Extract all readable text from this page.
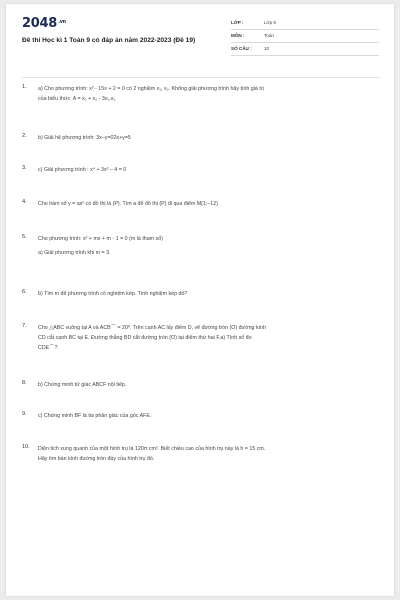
$2048^{.vn}$
Đề thi Học kì 1 Toán 9 có đáp án năm 2022-2023 (Đề 19)
LỚP :	Lớp 9
MÔN :	Toán
SỐ CÂU :	10
1. a) Cho phương trình: x² - 15x + 2 = 0 có 2 nghiệm x₁, x₂. Không giải phương trình hãy tính giá trị
của biểu thức: A = x₁ + x₂ - 3x₁.x₂
2. b) Giải hệ phương trình: 3x–y=02x+y=5
3. c) Giải phương trình : x⁴ + 3x² – 4 = 0
4. Cho hàm số y = ax² có đồ thị là (P). Tìm a để đồ thị (P) đi qua điểm M(1;–12)
5. Cho phương trình: x² + mx + m - 1 = 0 (m là tham số)
a) Giải phương trình khi m = 3.
6. b) Tìm m để phương trình có nghiệm kép. Tính nghiệm kép đó?
7. Cho △ABC vuông tại A và ACB⌒ = 20⁰. Trên cạnh AC lấy điểm D, vẽ đường tròn (O) đường kính
CD cắt cạnh BC tại E. Đường thẳng BD cắt đường tròn (O) tại điểm thứ hai F.a) Tính số đo
CDE⌒?
8. b) Chứng minh tứ giác ABCF nội tiếp.
9. c) Chứng minh BF là tia phân giác của góc AFE.
10. Diện tích xung quanh của một hình trụ là 120π cm². Biết chiều cao của hình trụ này là h = 15 cm.
Hãy tìm bán kính đường tròn đáy của hình trụ đó.
